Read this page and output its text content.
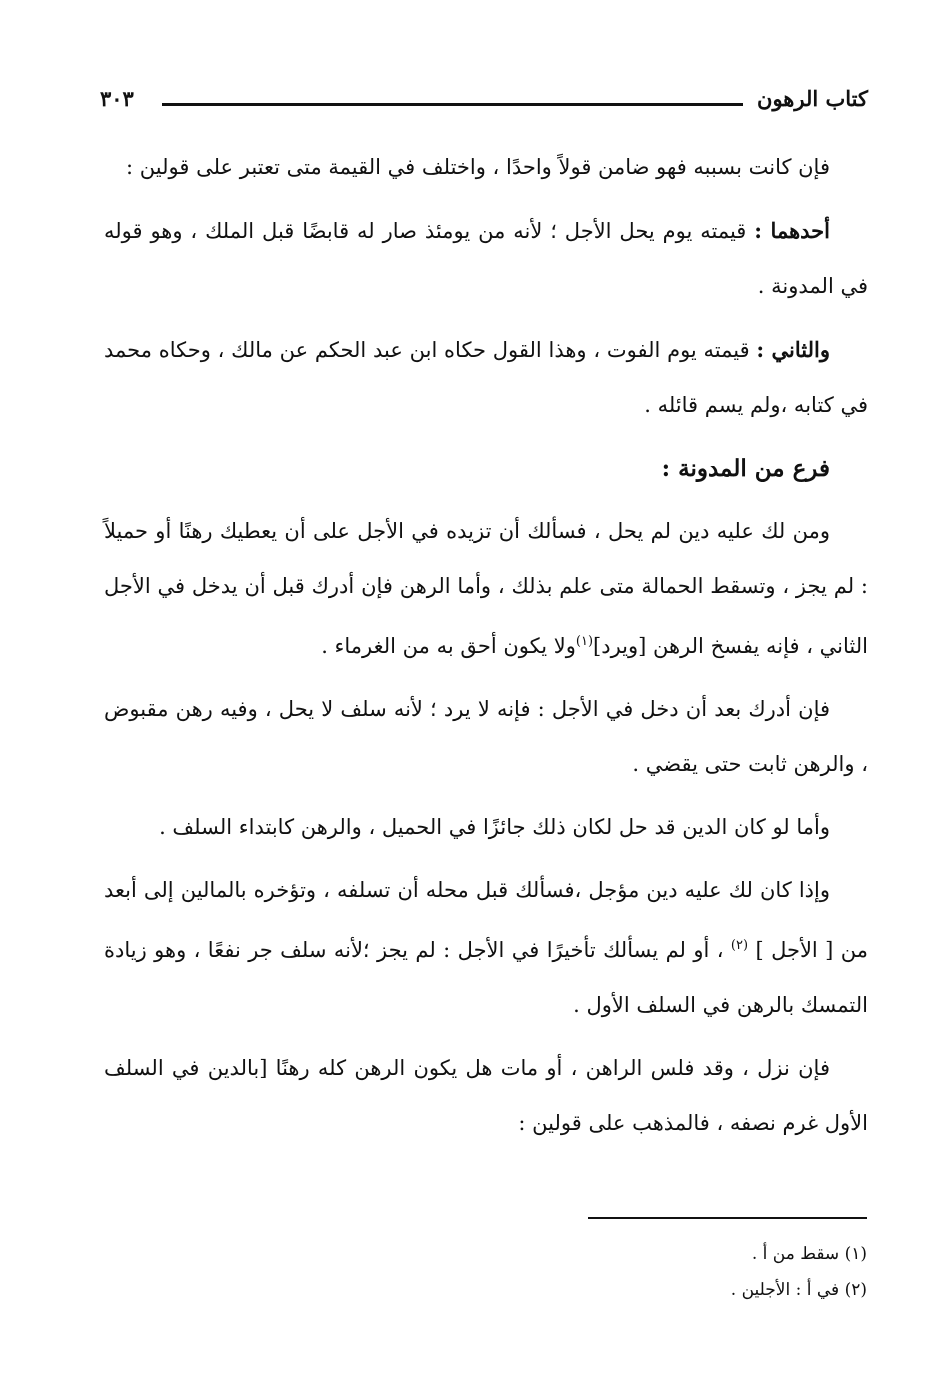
كتاب الرهون
٣٠٣

فإن كانت بسببه فهو ضامن قولاً واحدًا ، واختلف في القيمة متى تعتبر على قولين :

أحدهما : قيمته يوم يحل الأجل ؛ لأنه من يومئذ صار له قابضًا قبل الملك ، وهو قوله في المدونة .

والثاني : قيمته يوم الفوت ، وهذا القول حكاه ابن عبد الحكم عن مالك ، وحكاه محمد في كتابه ،ولم يسم قائله .

فرع من المدونة :

ومن لك عليه دين لم يحل ، فسألك أن تزيده في الأجل على أن يعطيك رهنًا أو حميلاً : لم يجز ، وتسقط الحمالة متى علم بذلك ، وأما الرهن فإن أدرك قبل أن يدخل في الأجل الثاني ، فإنه يفسخ الرهن [ويرد]$^{(١)}$ولا يكون أحق به من الغرماء .

فإن أدرك بعد أن دخل في الأجل : فإنه لا يرد ؛ لأنه سلف لا يحل ، وفيه رهن مقبوض ، والرهن ثابت حتى يقضي .

وأما لو كان الدين قد حل لكان ذلك جائزًا في الحميل ، والرهن كابتداء السلف .

وإذا كان لك عليه دين مؤجل ،فسألك قبل محله أن تسلفه ، وتؤخره بالمالين إلى أبعد من [ الأجل ] $^{(٢)}$ ، أو لم يسألك تأخيرًا في الأجل : لم يجز ؛لأنه سلف جر نفعًا ، وهو زيادة التمسك بالرهن في السلف الأول .

فإن نزل ، وقد فلس الراهن ، أو مات هل يكون الرهن كله رهنًا [بالدين في السلف الأول غرم نصفه ، فالمذهب على قولين :

(١) سقط من أ .
(٢) في أ : الأجلين .
